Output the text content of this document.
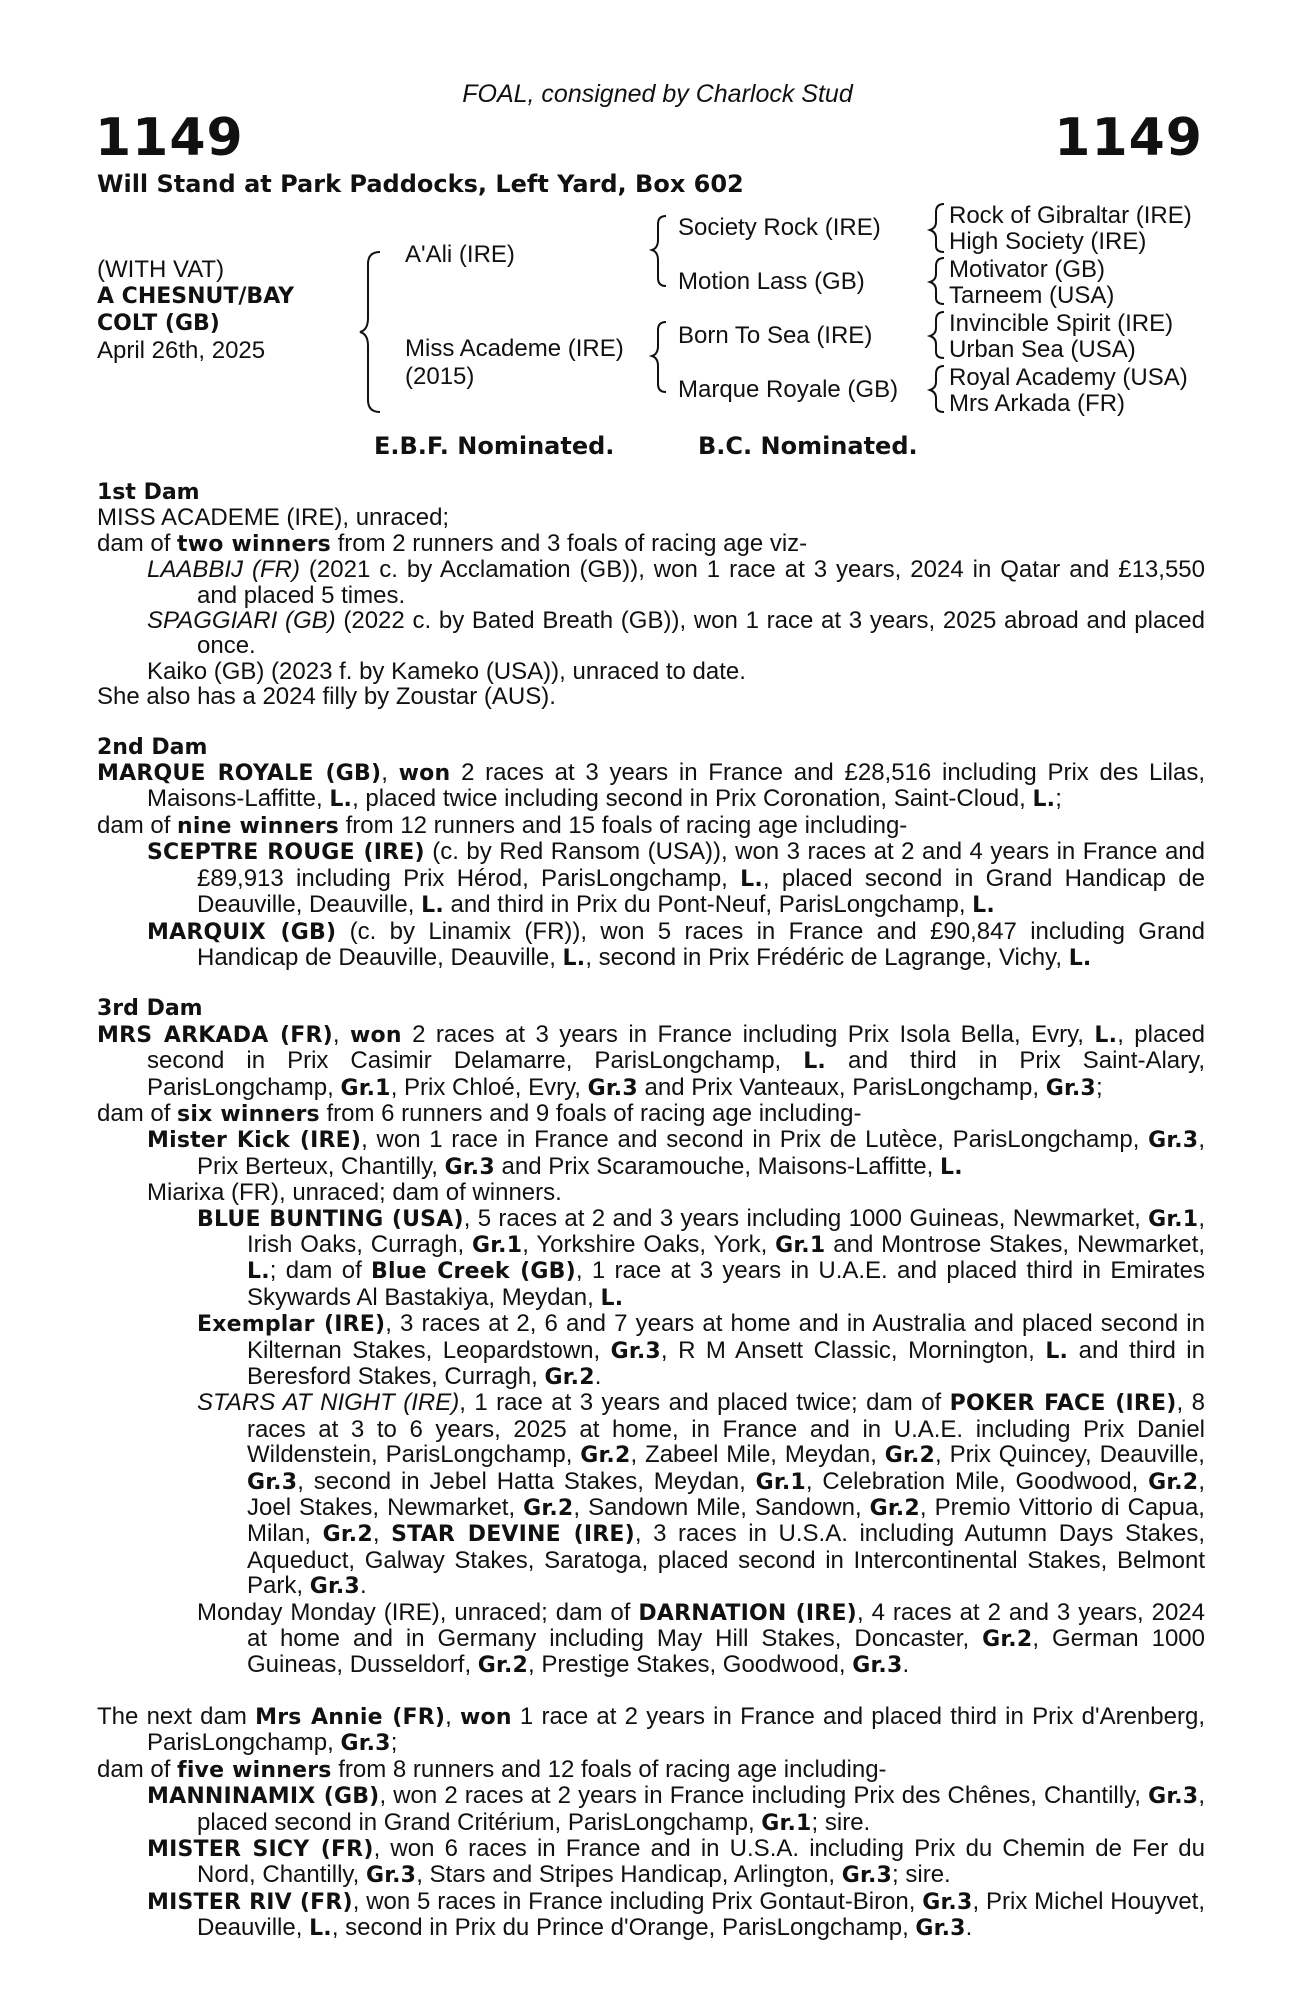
FOAL, consigned by Charlock Stud
1149	1149
Will Stand at Park Paddocks, Left Yard, Box 602
(WITH VAT)
A CHESNUT/BAY
COLT (GB)
April 26th, 2025
A'Ali (IRE)
Miss Academe (IRE)
(2015)
Society Rock (IRE)
Motion Lass (GB)
Born To Sea (IRE)
Marque Royale (GB)
Rock of Gibraltar (IRE)
High Society (IRE)
Motivator (GB)
Tarneem (USA)
Invincible Spirit (IRE)
Urban Sea (USA)
Royal Academy (USA)
Mrs Arkada (FR)
E.B.F. Nominated.	B.C. Nominated.
1st Dam
MISS ACADEME (IRE), unraced;
dam of two winners from 2 runners and 3 foals of racing age viz-
LAABBIJ (FR) (2021 c. by Acclamation (GB)), won 1 race at 3 years, 2024 in Qatar and £13,550 and placed 5 times.
SPAGGIARI (GB) (2022 c. by Bated Breath (GB)), won 1 race at 3 years, 2025 abroad and placed once.
Kaiko (GB) (2023 f. by Kameko (USA)), unraced to date.
She also has a 2024 filly by Zoustar (AUS).
2nd Dam
MARQUE ROYALE (GB), won 2 races at 3 years in France and £28,516 including Prix des Lilas, Maisons-Laffitte, L., placed twice including second in Prix Coronation, Saint-Cloud, L.;
dam of nine winners from 12 runners and 15 foals of racing age including-
SCEPTRE ROUGE (IRE) (c. by Red Ransom (USA)), won 3 races at 2 and 4 years in France and £89,913 including Prix Hérod, ParisLongchamp, L., placed second in Grand Handicap de Deauville, Deauville, L. and third in Prix du Pont-Neuf, ParisLongchamp, L.
MARQUIX (GB) (c. by Linamix (FR)), won 5 races in France and £90,847 including Grand Handicap de Deauville, Deauville, L., second in Prix Frédéric de Lagrange, Vichy, L.
3rd Dam
MRS ARKADA (FR), won 2 races at 3 years in France including Prix Isola Bella, Evry, L., placed second in Prix Casimir Delamarre, ParisLongchamp, L. and third in Prix Saint-Alary, ParisLongchamp, Gr.1, Prix Chloé, Evry, Gr.3 and Prix Vanteaux, ParisLongchamp, Gr.3;
dam of six winners from 6 runners and 9 foals of racing age including-
Mister Kick (IRE), won 1 race in France and second in Prix de Lutèce, ParisLongchamp, Gr.3, Prix Berteux, Chantilly, Gr.3 and Prix Scaramouche, Maisons-Laffitte, L.
Miarixa (FR), unraced; dam of winners.
BLUE BUNTING (USA), 5 races at 2 and 3 years including 1000 Guineas, Newmarket, Gr.1, Irish Oaks, Curragh, Gr.1, Yorkshire Oaks, York, Gr.1 and Montrose Stakes, Newmarket, L.; dam of Blue Creek (GB), 1 race at 3 years in U.A.E. and placed third in Emirates Skywards Al Bastakiya, Meydan, L.
Exemplar (IRE), 3 races at 2, 6 and 7 years at home and in Australia and placed second in Kilternan Stakes, Leopardstown, Gr.3, R M Ansett Classic, Mornington, L. and third in Beresford Stakes, Curragh, Gr.2.
STARS AT NIGHT (IRE), 1 race at 3 years and placed twice; dam of POKER FACE (IRE), 8 races at 3 to 6 years, 2025 at home, in France and in U.A.E. including Prix Daniel Wildenstein, ParisLongchamp, Gr.2, Zabeel Mile, Meydan, Gr.2, Prix Quincey, Deauville, Gr.3, second in Jebel Hatta Stakes, Meydan, Gr.1, Celebration Mile, Goodwood, Gr.2, Joel Stakes, Newmarket, Gr.2, Sandown Mile, Sandown, Gr.2, Premio Vittorio di Capua, Milan, Gr.2, STAR DEVINE (IRE), 3 races in U.S.A. including Autumn Days Stakes, Aqueduct, Galway Stakes, Saratoga, placed second in Intercontinental Stakes, Belmont Park, Gr.3.
Monday Monday (IRE), unraced; dam of DARNATION (IRE), 4 races at 2 and 3 years, 2024 at home and in Germany including May Hill Stakes, Doncaster, Gr.2, German 1000 Guineas, Dusseldorf, Gr.2, Prestige Stakes, Goodwood, Gr.3.
The next dam Mrs Annie (FR), won 1 race at 2 years in France and placed third in Prix d'Arenberg, ParisLongchamp, Gr.3;
dam of five winners from 8 runners and 12 foals of racing age including-
MANNINAMIX (GB), won 2 races at 2 years in France including Prix des Chênes, Chantilly, Gr.3, placed second in Grand Critérium, ParisLongchamp, Gr.1; sire.
MISTER SICY (FR), won 6 races in France and in U.S.A. including Prix du Chemin de Fer du Nord, Chantilly, Gr.3, Stars and Stripes Handicap, Arlington, Gr.3; sire.
MISTER RIV (FR), won 5 races in France including Prix Gontaut-Biron, Gr.3, Prix Michel Houyvet, Deauville, L., second in Prix du Prince d'Orange, ParisLongchamp, Gr.3.
